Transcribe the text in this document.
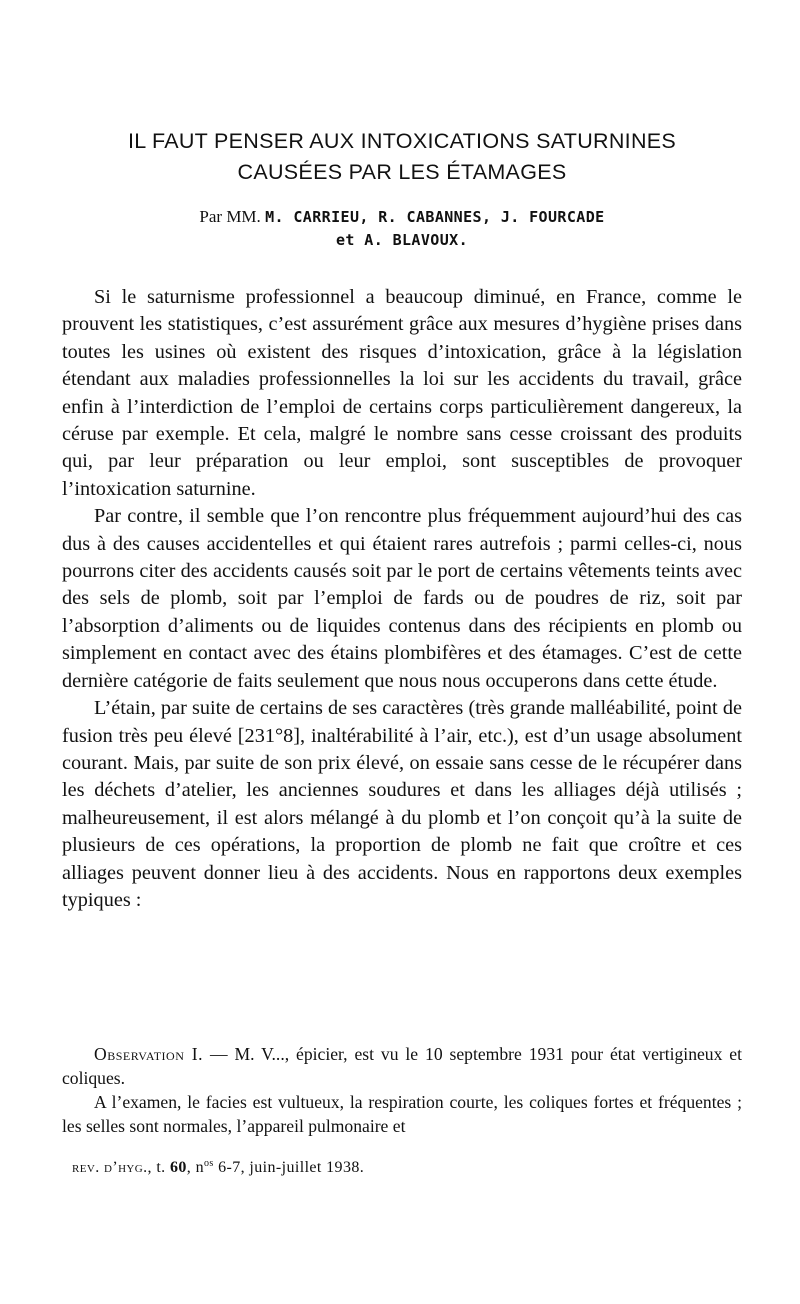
IL FAUT PENSER AUX INTOXICATIONS SATURNINES
CAUSÉES PAR LES ÉTAMAGES
Par MM. M. CARRIEU, R. CABANNES, J. FOURCADE
et A. BLAVOUX.

Si le saturnisme professionnel a beaucoup diminué, en France, comme le prouvent les statistiques, c’est assurément grâce aux mesures d’hygiène prises dans toutes les usines où existent des risques d’intoxication, grâce à la législation étendant aux maladies professionnelles la loi sur les accidents du travail, grâce enfin à l’interdiction de l’emploi de certains corps particulièrement dangereux, la céruse par exemple. Et cela, malgré le nombre sans cesse croissant des produits qui, par leur préparation ou leur emploi, sont susceptibles de provoquer l’intoxication saturnine.

Par contre, il semble que l’on rencontre plus fréquemment aujourd’hui des cas dus à des causes accidentelles et qui étaient rares autrefois ; parmi celles-ci, nous pourrons citer des accidents causés soit par le port de certains vêtements teints avec des sels de plomb, soit par l’emploi de fards ou de poudres de riz, soit par l’absorption d’aliments ou de liquides contenus dans des récipients en plomb ou simplement en contact avec des étains plombifères et des étamages. C’est de cette dernière catégorie de faits seulement que nous nous occuperons dans cette étude.

L’étain, par suite de certains de ses caractères (très grande malléabilité, point de fusion très peu élevé [231°8], inaltérabilité à l’air, etc.), est d’un usage absolument courant. Mais, par suite de son prix élevé, on essaie sans cesse de le récupérer dans les déchets d’atelier, les anciennes soudures et dans les alliages déjà utilisés ; malheureusement, il est alors mélangé à du plomb et l’on conçoit qu’à la suite de plusieurs de ces opérations, la proportion de plomb ne fait que croître et ces alliages peuvent donner lieu à des accidents. Nous en rapportons deux exemples typiques :

Observation I. — M. V..., épicier, est vu le 10 septembre 1931 pour état vertigineux et coliques.

A l’examen, le facies est vultueux, la respiration courte, les coliques fortes et fréquentes ; les selles sont normales, l’appareil pulmonaire et

rev. d’hyg., t. 60, $n^{os}$ 6-7, juin-juillet 1938.
